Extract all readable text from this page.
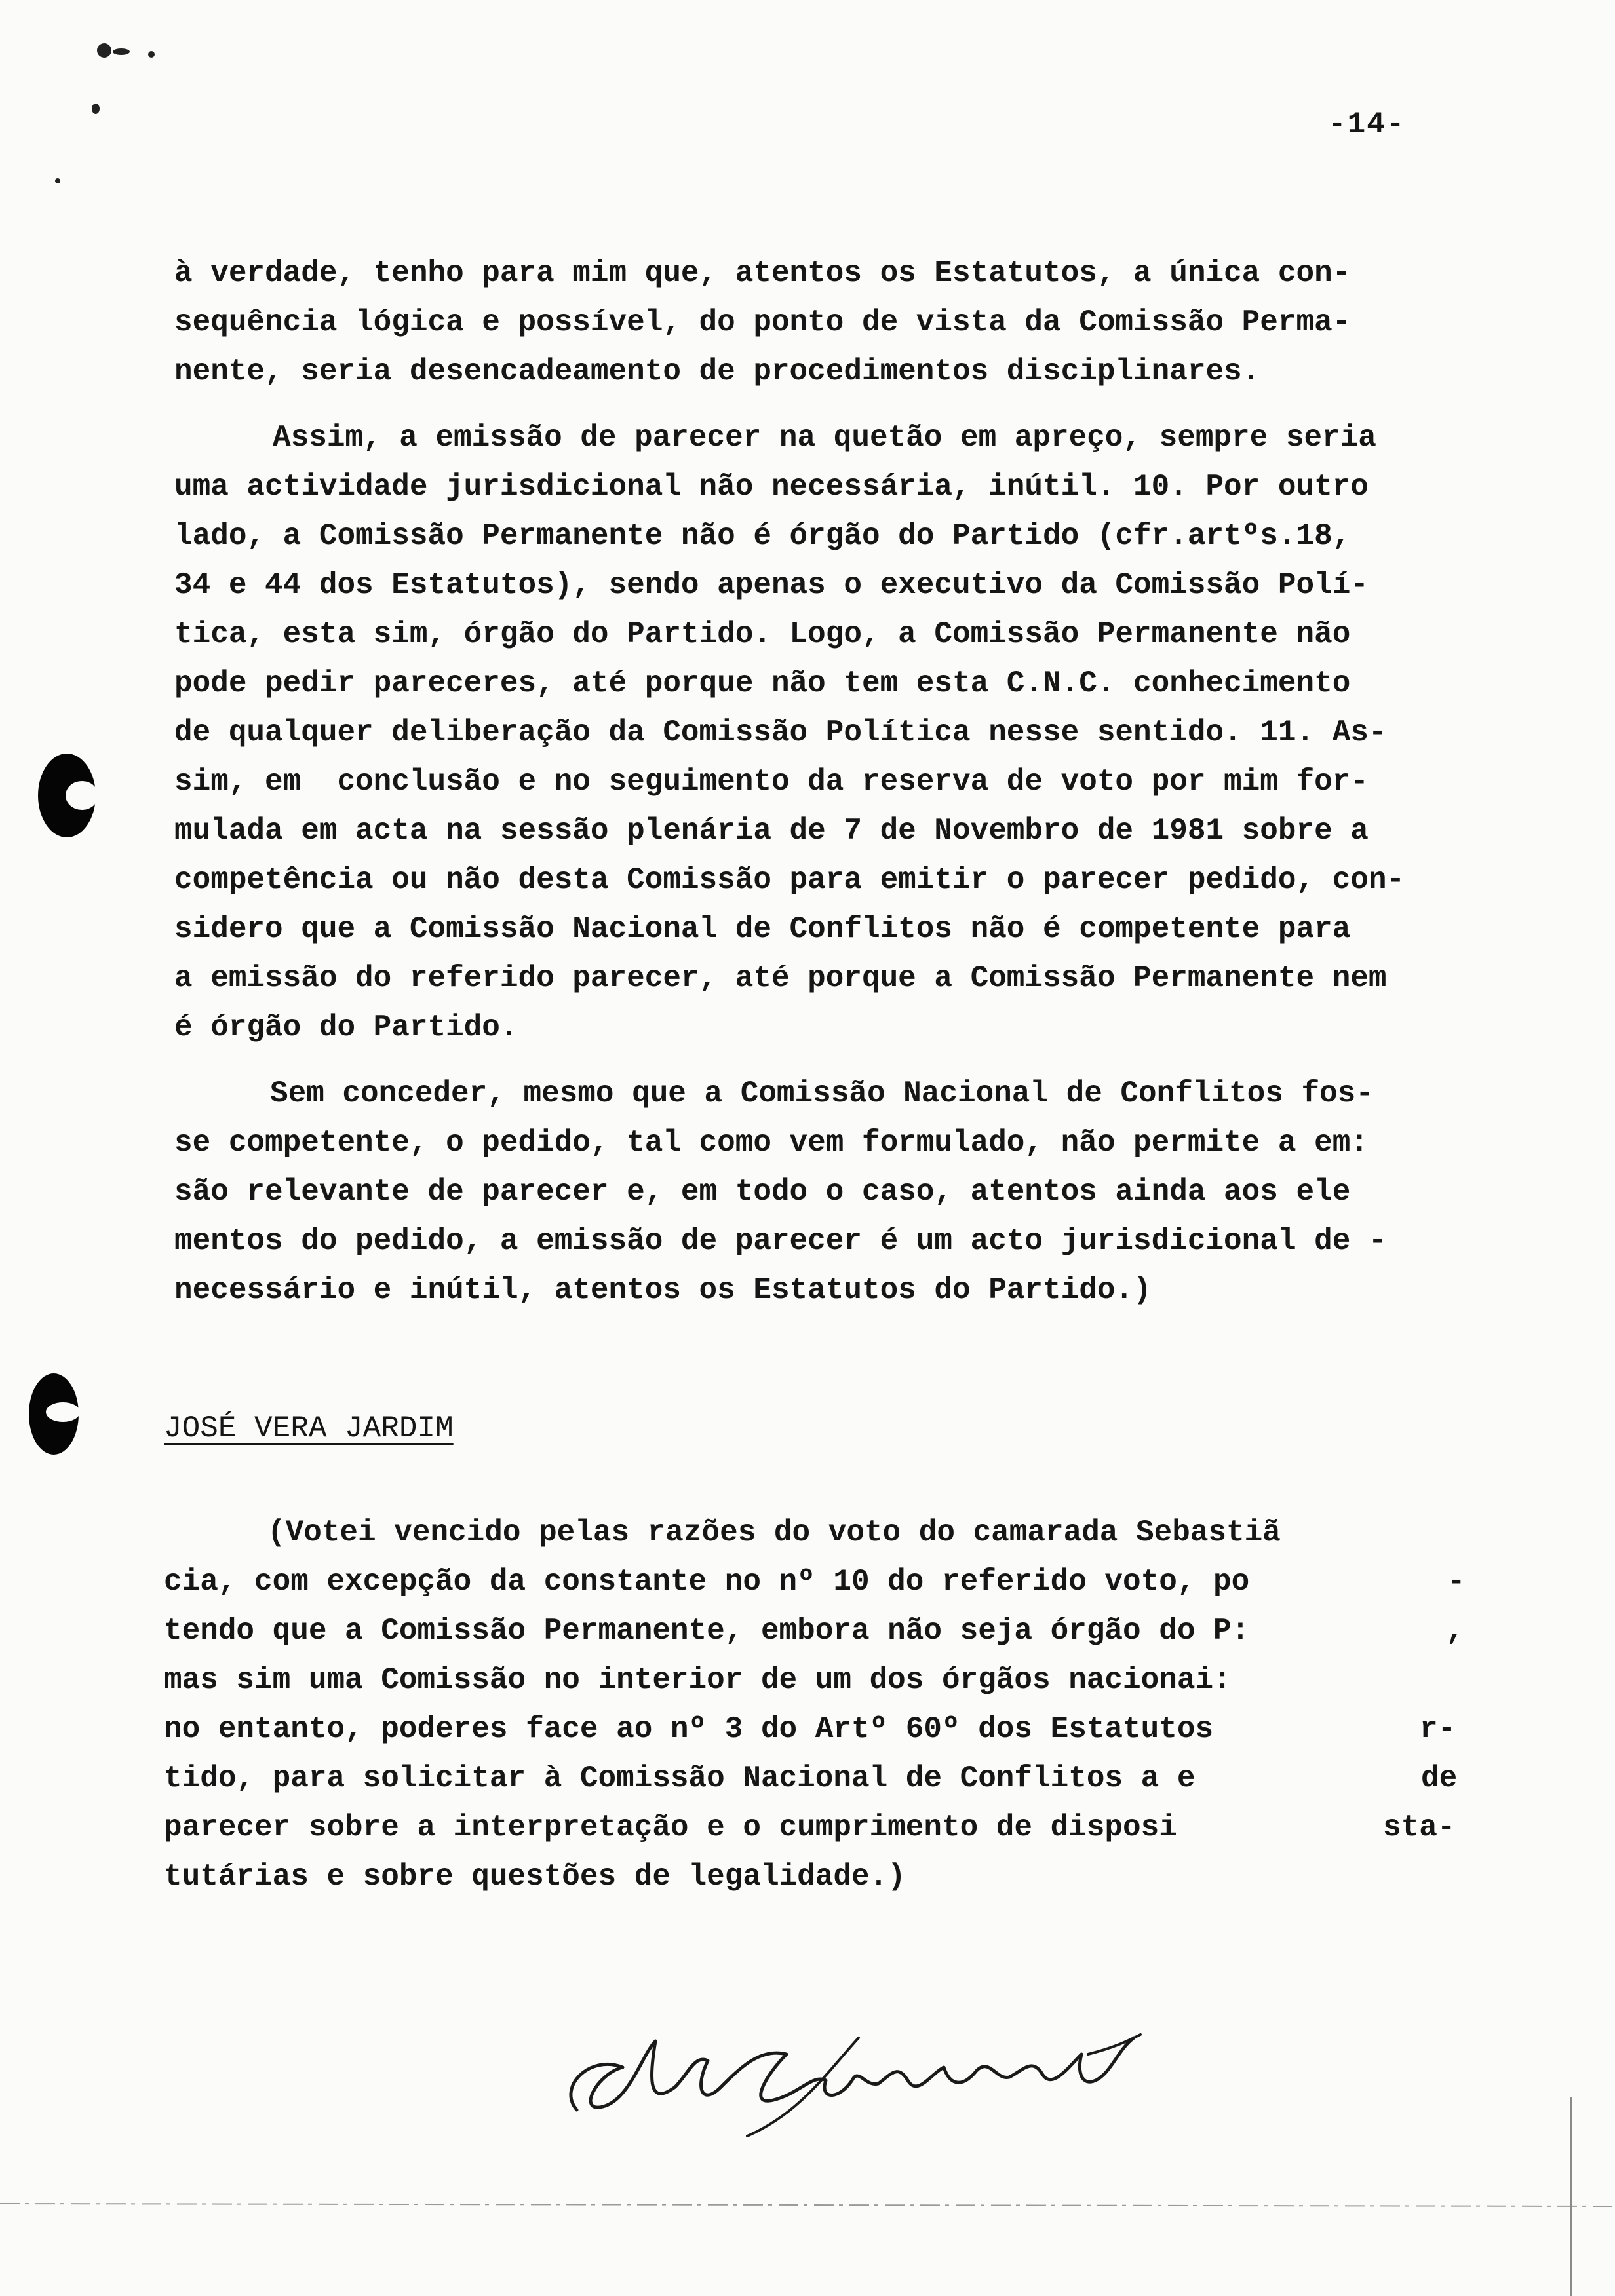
-14-
à verdade, tenho para mim que, atentos os Estatutos, a única con-
sequência lógica e possível, do ponto de vista da Comissão Perma-
nente, seria desencadeamento de procedimentos disciplinares.
Assim, a emissão de parecer na quetão em apreço, sempre seria
uma actividade jurisdicional não necessária, inútil. 10. Por outro
lado, a Comissão Permanente não é órgão do Partido (cfr.artºs.18,
34 e 44 dos Estatutos), sendo apenas o executivo da Comissão Polí-
tica, esta sim, órgão do Partido. Logo, a Comissão Permanente não
pode pedir pareceres, até porque não tem esta C.N.C. conhecimento
de qualquer deliberação da Comissão Política nesse sentido. 11. As-
sim, em  conclusão e no seguimento da reserva de voto por mim for-
mulada em acta na sessão plenária de 7 de Novembro de 1981 sobre a
competência ou não desta Comissão para emitir o parecer pedido, con-
sidero que a Comissão Nacional de Conflitos não é competente para
a emissão do referido parecer, até porque a Comissão Permanente nem
é órgão do Partido.
Sem conceder, mesmo que a Comissão Nacional de Conflitos fos-
se competente, o pedido, tal como vem formulado, não permite a em:
são relevante de parecer e, em todo o caso, atentos ainda aos ele
mentos do pedido, a emissão de parecer é um acto jurisdicional de -
necessário e inútil, atentos os Estatutos do Partido.)
JOSÉ VERA JARDIM
(Votei vencido pelas razões do voto do camarada Sebastiã
cia, com excepção da constante no nº 10 do referido voto, po
tendo que a Comissão Permanente, embora não seja órgão do P:
mas sim uma Comissão no interior de um dos órgãos nacionai:
no entanto, poderes face ao nº 3 do Artº 60º dos Estatutos
tido, para solicitar à Comissão Nacional de Conflitos a e
parecer sobre a interpretação e o cumprimento de disposi
tutárias e sobre questões de legalidade.)
-
,
r-
de
sta-
